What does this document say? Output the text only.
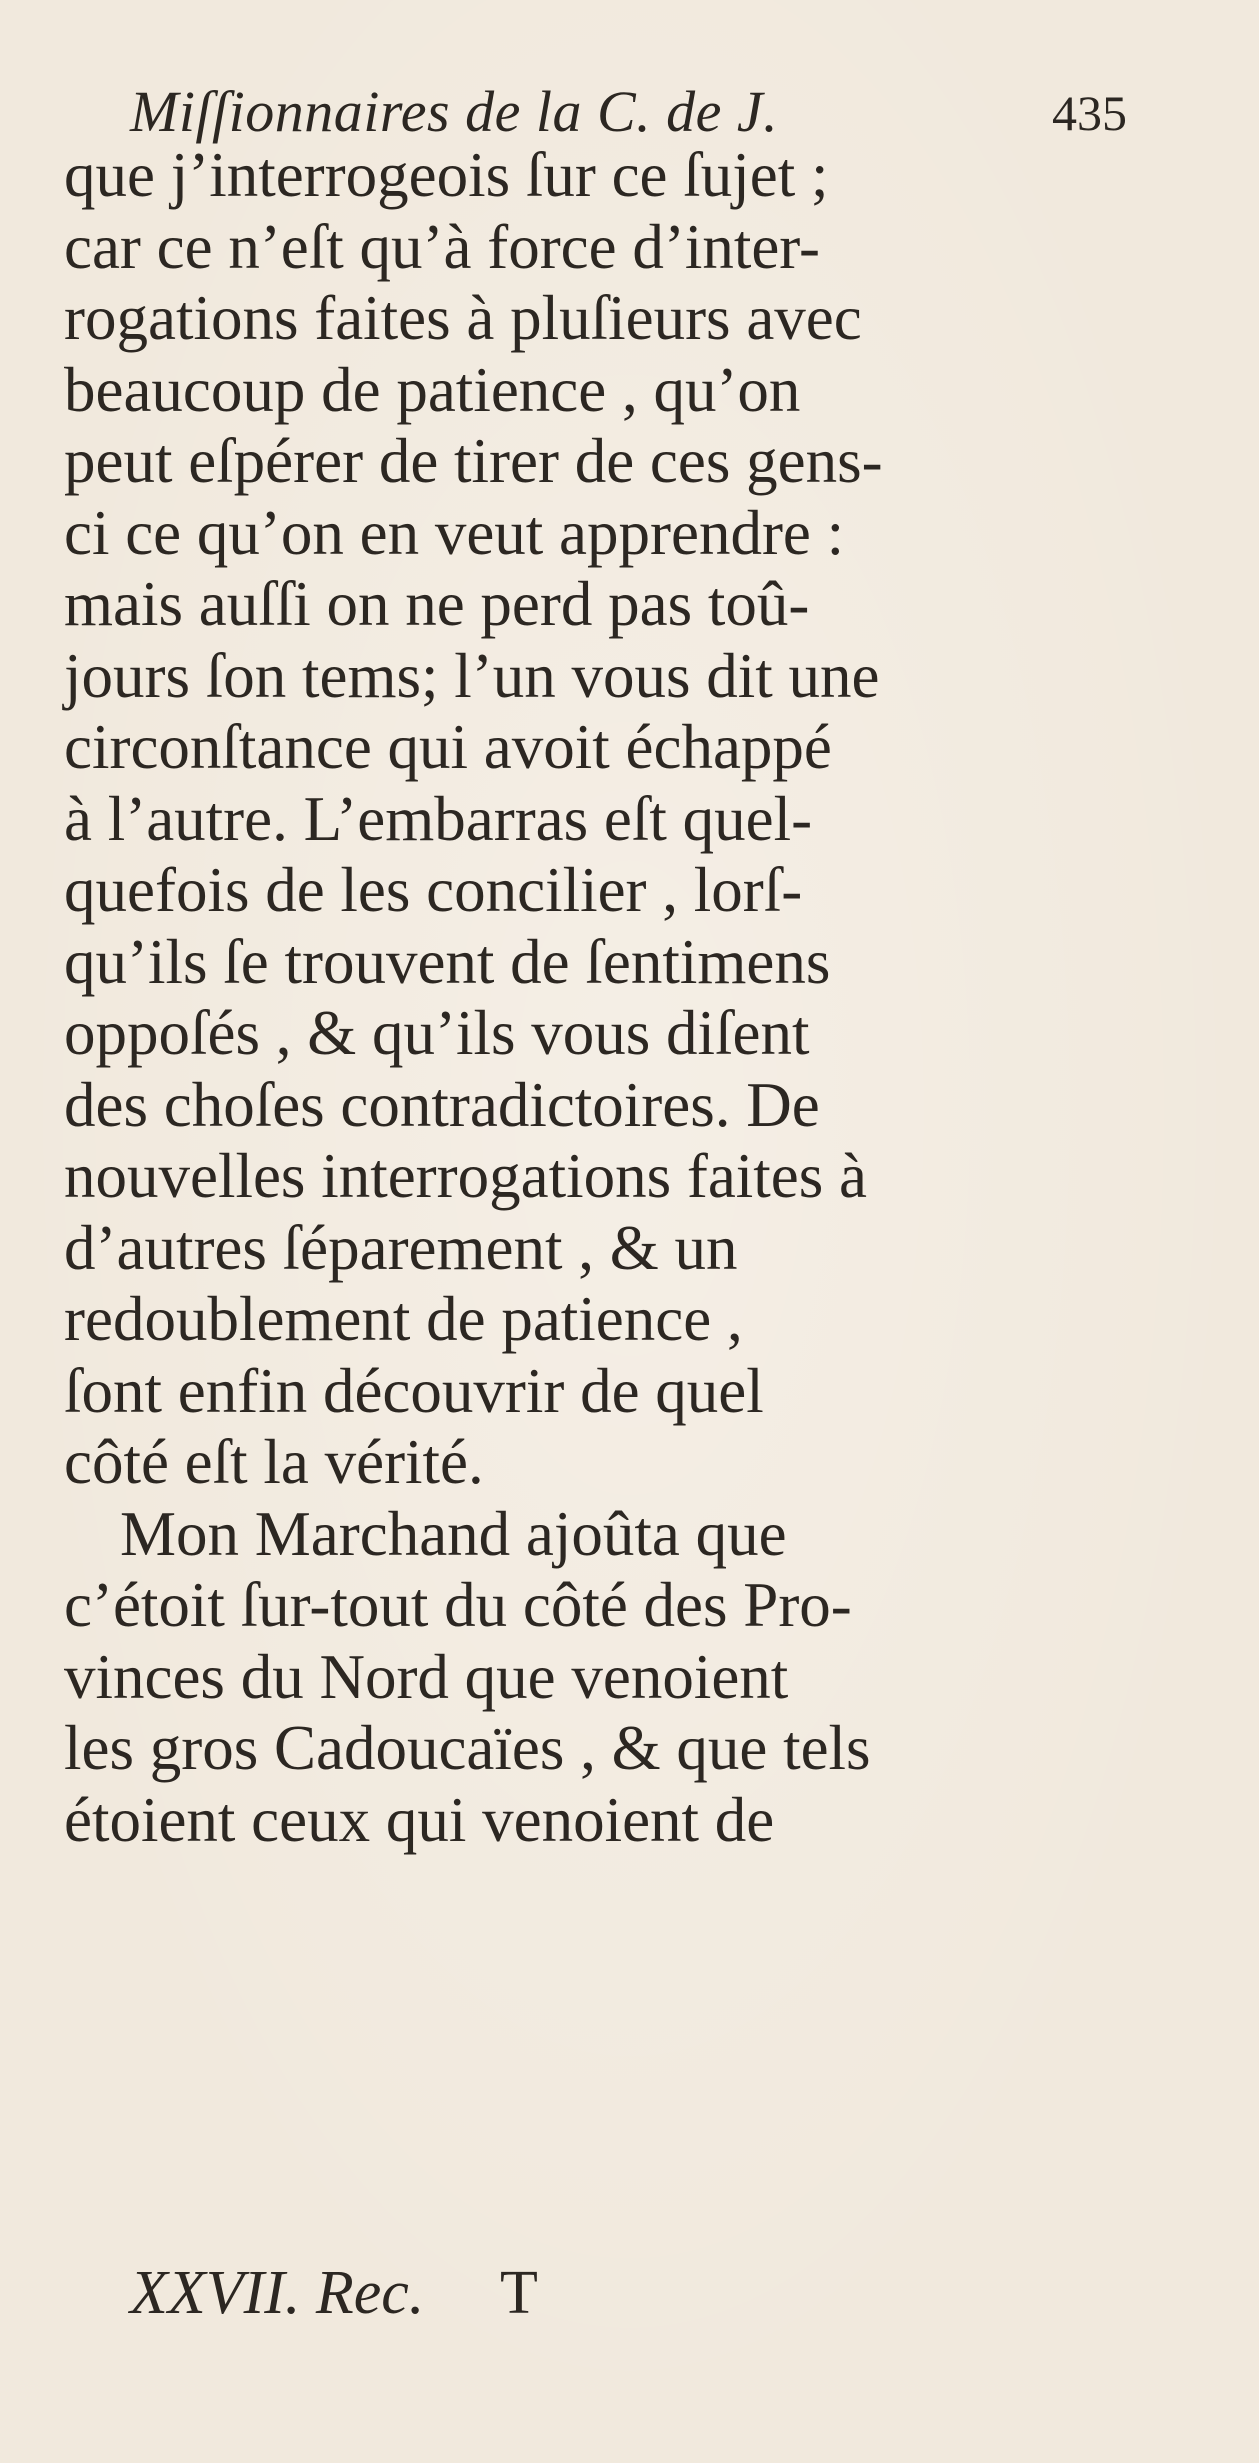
Miſſionnaires de la C. de J.	435
que j’interrogeois ſur ce ſujet ;
car ce n’eſt qu’à force d’inter-
rogations faites à pluſieurs avec
beaucoup de patience , qu’on
peut eſpérer de tirer de ces gens-
ci ce qu’on en veut apprendre :
mais auſſi on ne perd pas toû-
jours ſon tems; l’un vous dit une
circonſtance qui avoit échappé
à l’autre. L’embarras eſt quel-
quefois de les concilier , lorſ-
qu’ils ſe trouvent de ſentimens
oppoſés , & qu’ils vous diſent
des choſes contradictoires. De
nouvelles interrogations faites à
d’autres ſéparement , & un
redoublement de patience ,
ſont enfin découvrir de quel
côté eſt la vérité.
Mon Marchand ajoûta que
c’étoit ſur-tout du côté des Pro-
vinces du Nord que venoient
les gros Cadoucaïes , & que tels
étoient ceux qui venoient de
XXVII. Rec. T
